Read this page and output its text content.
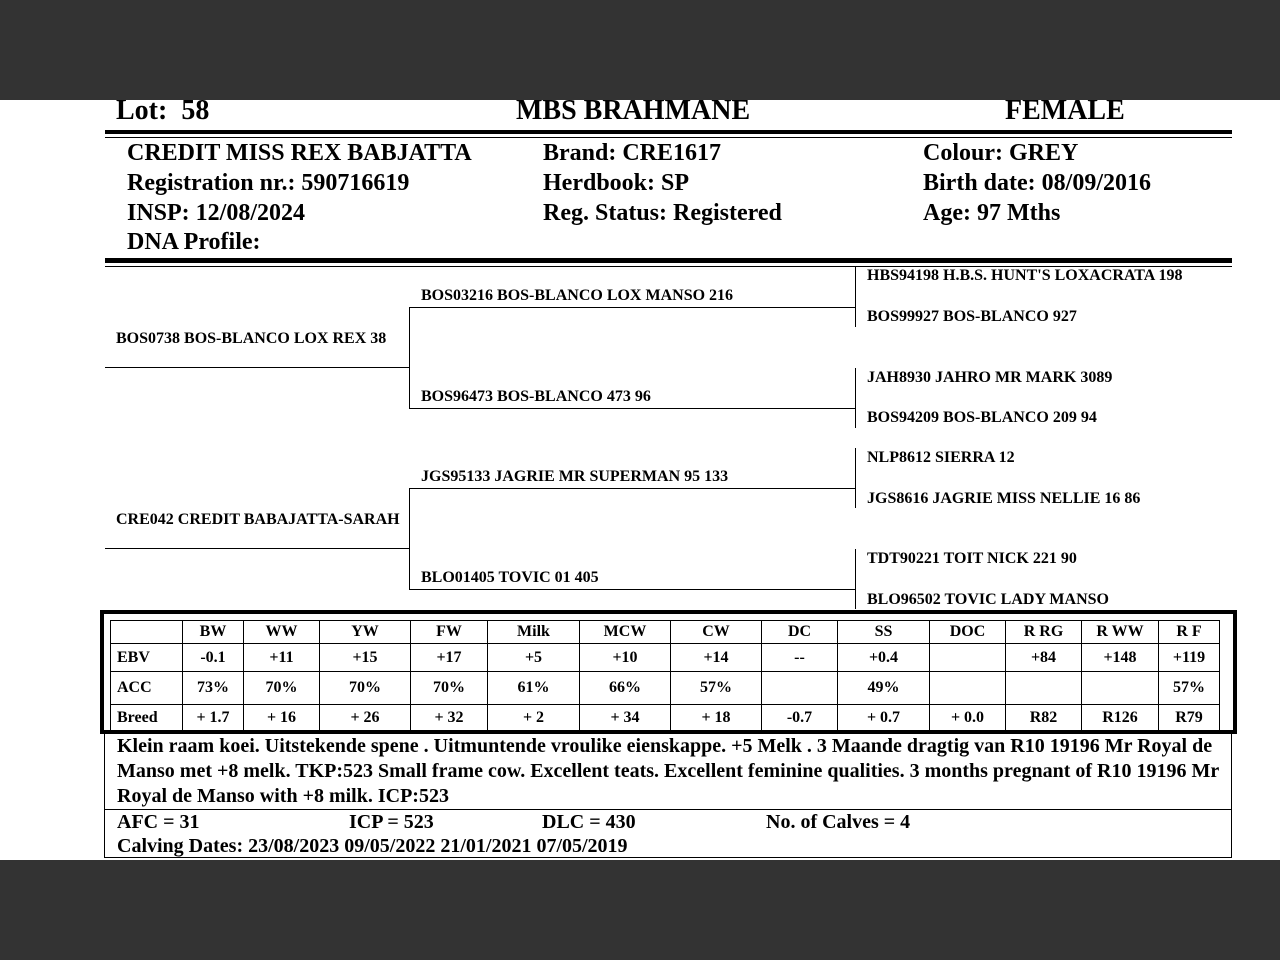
Lot: 58	MBS BRAHMANE	FEMALE
CREDIT MISS REX BABJATTA
Registration nr.: 590716619
INSP: 12/08/2024
DNA Profile:
Brand: CRE1617
Herdbook: SP
Reg. Status: Registered
Colour: GREY
Birth date: 08/09/2016
Age: 97 Mths
BOS0738 BOS-BLANCO LOX REX 38
CRE042 CREDIT BABAJATTA-SARAH
BOS03216 BOS-BLANCO LOX MANSO 216
BOS96473 BOS-BLANCO 473 96
JGS95133 JAGRIE MR SUPERMAN 95 133
BLO01405 TOVIC 01 405
HBS94198 H.B.S. HUNT'S LOXACRATA 198
BOS99927 BOS-BLANCO 927
JAH8930 JAHRO MR MARK 3089
BOS94209 BOS-BLANCO 209 94
NLP8612 SIERRA 12
JGS8616 JAGRIE MISS NELLIE 16 86
TDT90221 TOIT NICK 221 90
BLO96502 TOVIC LADY MANSO
	BW	WW	YW	FW	Milk	MCW	CW	DC	SS	DOC	R RG	R WW	R F
EBV	-0.1	+11	+15	+17	+5	+10	+14	--	+0.4		+84	+148	+119
ACC	73%	70%	70%	70%	61%	66%	57%		49%				57%
Breed	+ 1.7	+ 16	+ 26	+ 32	+ 2	+ 34	+ 18	-0.7	+ 0.7	+ 0.0	R82	R126	R79
Klein raam koei. Uitstekende spene . Uitmuntende vroulike eienskappe. +5 Melk . 3 Maande dragtig van R10 19196 Mr Royal de Manso met +8 melk. TKP:523 Small frame cow. Excellent teats. Excellent feminine qualities. 3 months pregnant of R10 19196 Mr Royal de Manso with +8 milk. ICP:523
AFC = 31	ICP = 523	DLC = 430	No. of Calves = 4
Calving Dates: 23/08/2023 09/05/2022 21/01/2021 07/05/2019
